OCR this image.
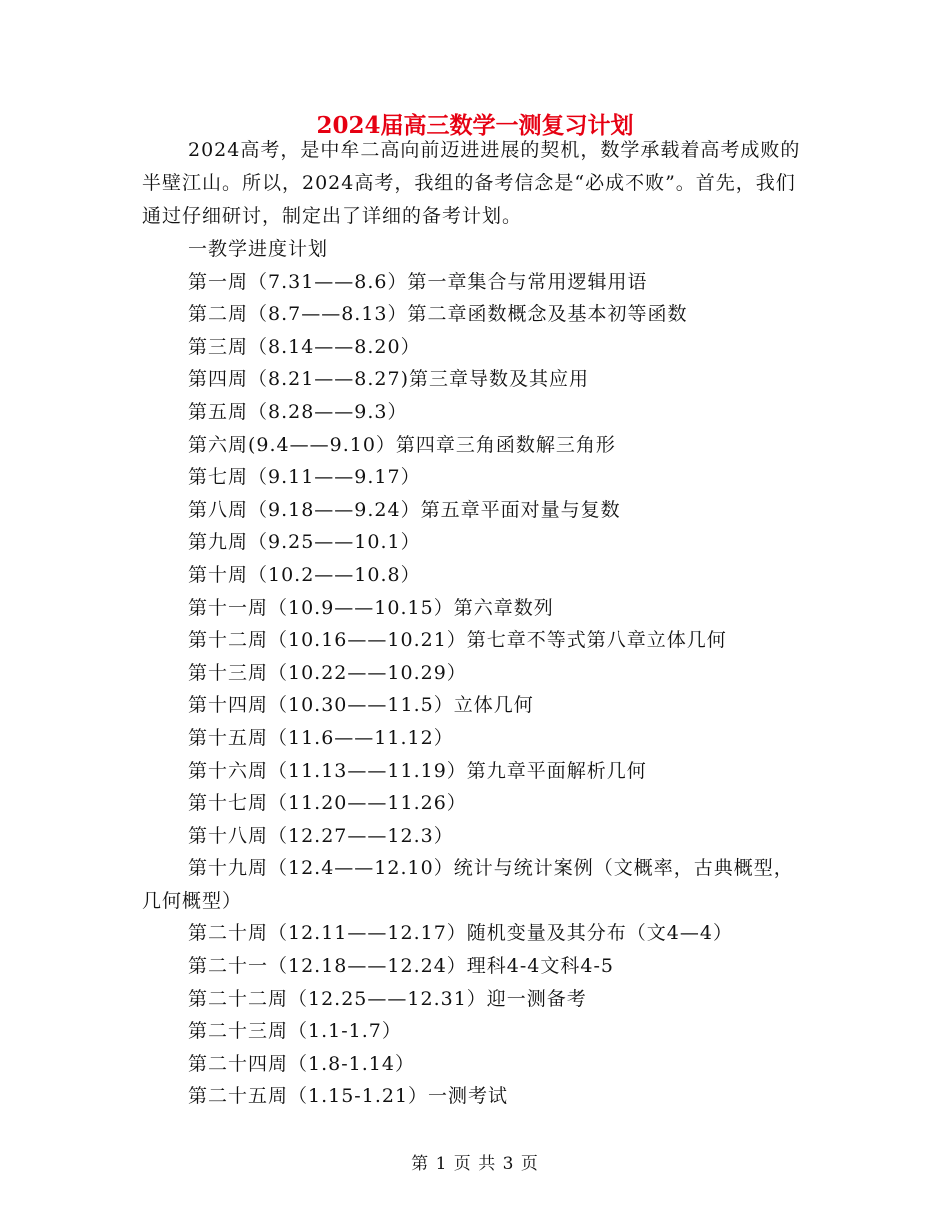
2024届高三数学一测复习计划

2024高考，是中牟二高向前迈进进展的契机，数学承载着高考成败的半壁江山。所以，2024高考，我组的备考信念是“必成不败”。首先，我们通过仔细研讨，制定出了详细的备考计划。

一教学进度计划
第一周（7.31——8.6）第一章集合与常用逻辑用语
第二周（8.7——8.13）第二章函数概念及基本初等函数
第三周（8.14——8.20）
第四周（8.21——8.27)第三章导数及其应用
第五周（8.28——9.3）
第六周(9.4——9.10）第四章三角函数解三角形
第七周（9.11——9.17）
第八周（9.18——9.24）第五章平面对量与复数
第九周（9.25——10.1）
第十周（10.2——10.8）
第十一周（10.9——10.15）第六章数列
第十二周（10.16——10.21）第七章不等式第八章立体几何
第十三周（10.22——10.29）
第十四周（10.30——11.5）立体几何
第十五周（11.6——11.12）
第十六周（11.13——11.19）第九章平面解析几何
第十七周（11.20——11.26）
第十八周（12.27——12.3）
第十九周（12.4——12.10）统计与统计案例（文概率，古典概型，
几何概型）
第二十周（12.11——12.17）随机变量及其分布（文4—4）
第二十一（12.18——12.24）理科4-4文科4-5
第二十二周（12.25——12.31）迎一测备考
第二十三周（1.1-1.7）
第二十四周（1.8-1.14）
第二十五周（1.15-1.21）一测考试
第 1 页 共 3 页
